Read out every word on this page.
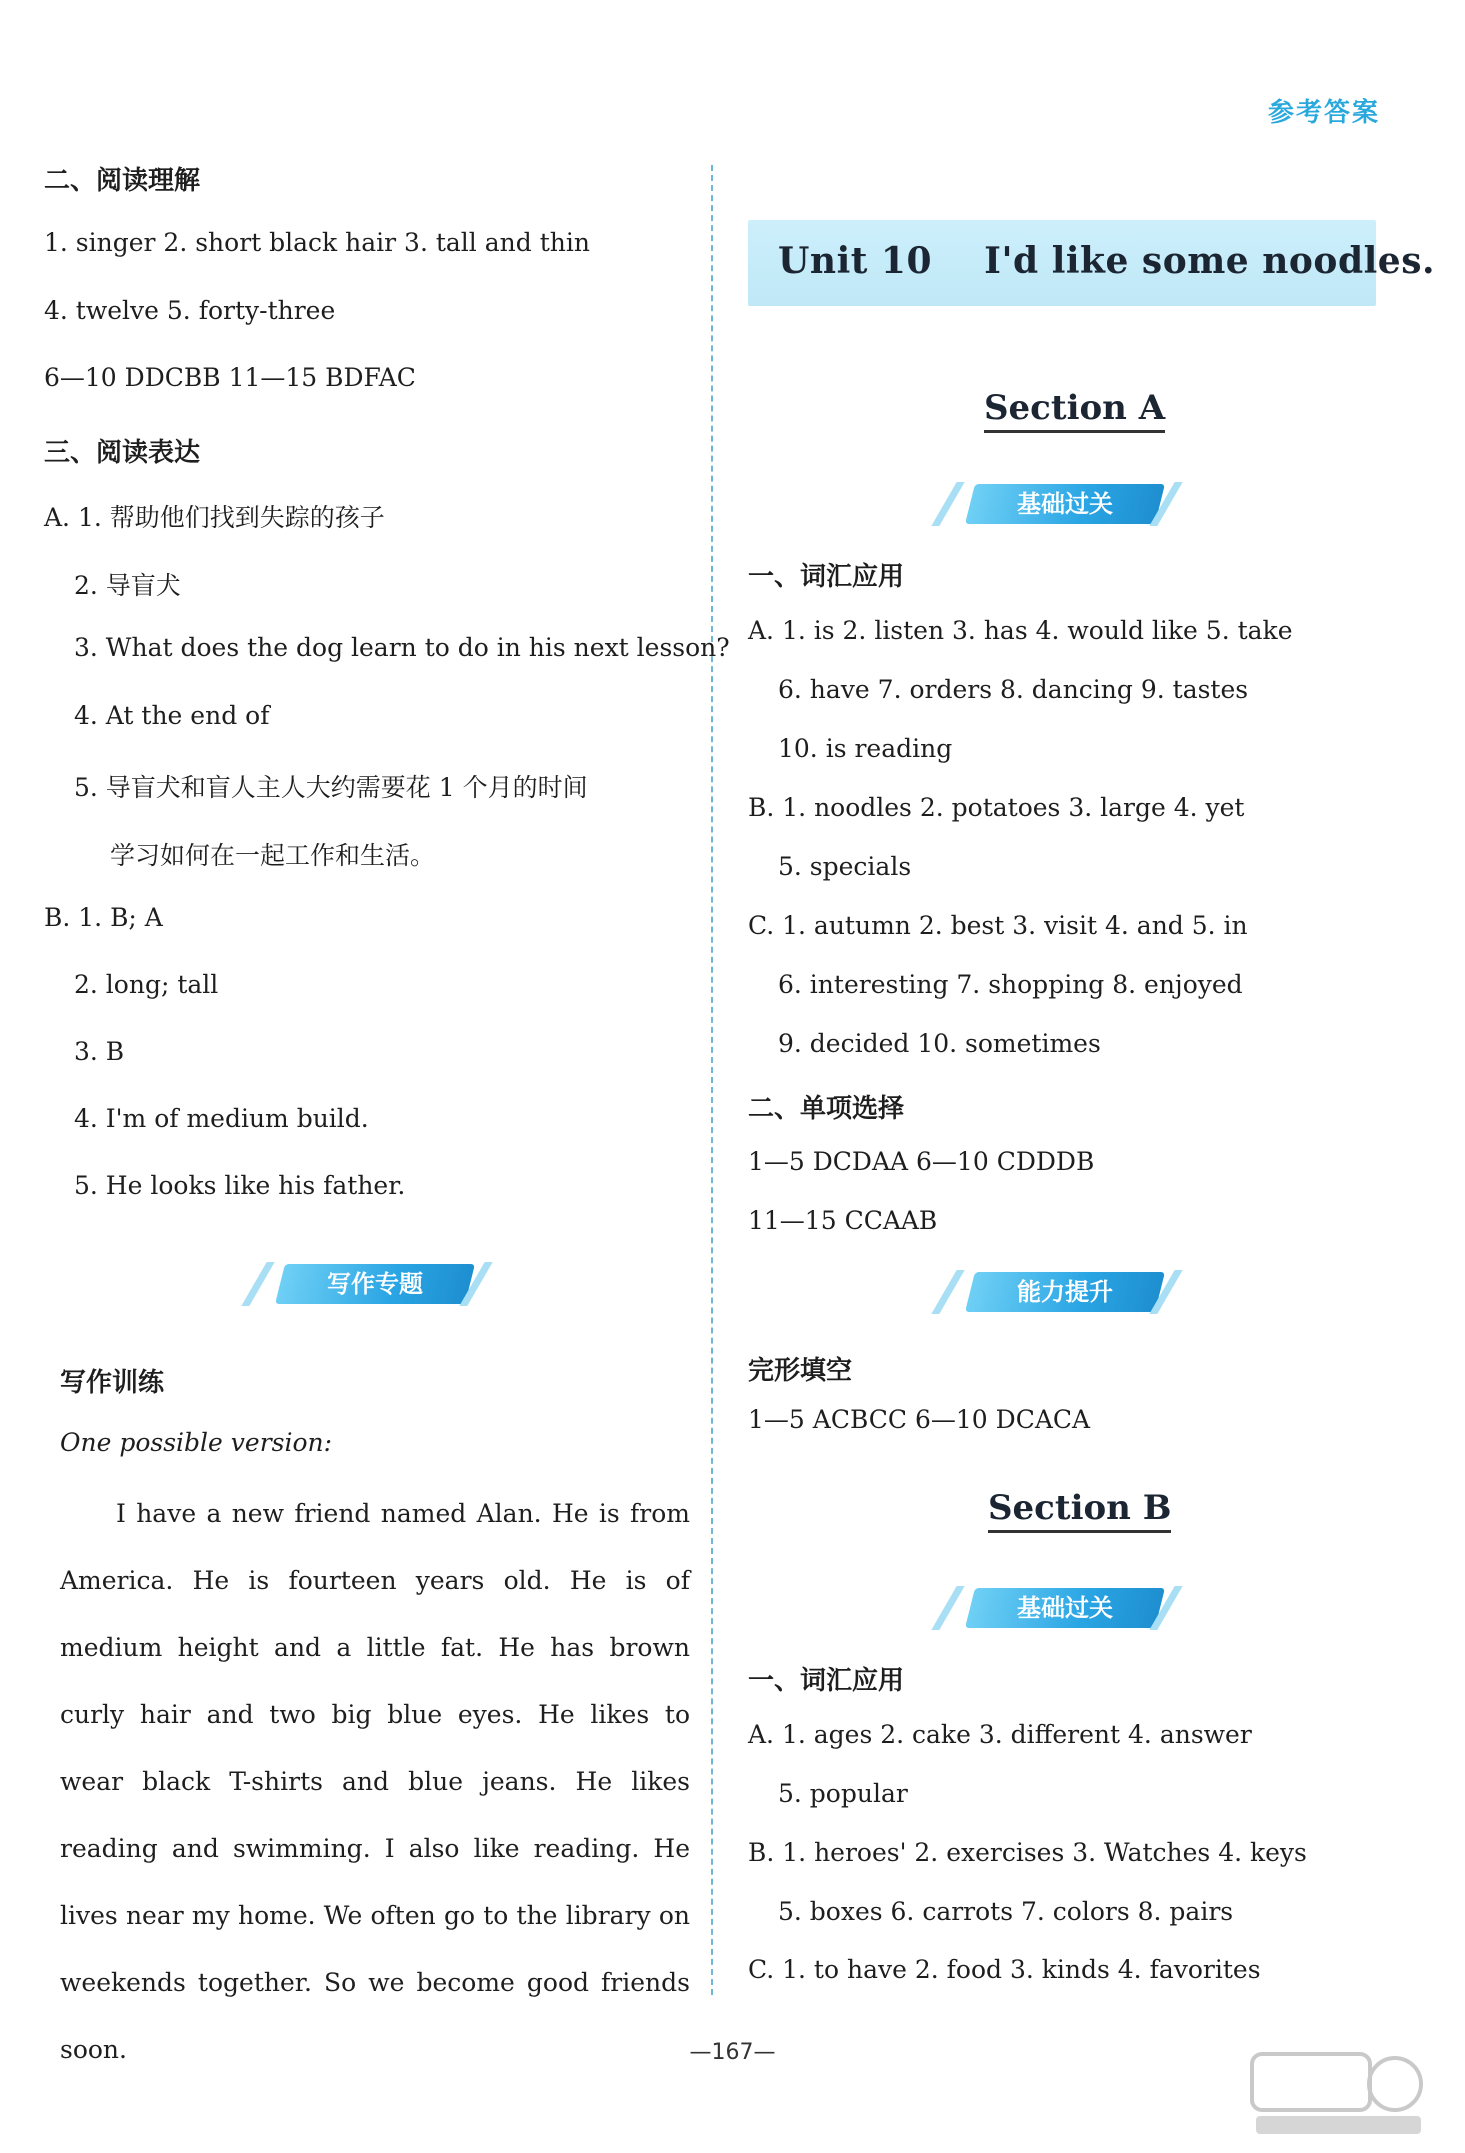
参考答案
二、阅读理解
1. singer 2. short black hair 3. tall and thin
4. twelve 5. forty-three
6—10 DDCBB 11—15 BDFAC
三、阅读表达
A. 1. 帮助他们找到失踪的孩子
2. 导盲犬
3. What does the dog learn to do in his next lesson?
4. At the end of
5. 导盲犬和盲人主人大约需要花 1 个月的时间
学习如何在一起工作和生活。
B. 1. B; A
2. long; tall
3. B
4. I'm of medium build.
5. He looks like his father.
写作专题
写作训练
One possible version:
I have a new friend named Alan. He is from America. He is fourteen years old. He is of medium height and a little fat. He has brown curly hair and two big blue eyes. He likes to wear black T-shirts and blue jeans. He likes reading and swimming. I also like reading. He lives near my home. We often go to the library on weekends together. So we become good friends soon.
Unit 10    I'd like some noodles.
Section A
基础过关
一、词汇应用
A. 1. is 2. listen 3. has 4. would like 5. take
6. have 7. orders 8. dancing 9. tastes
10. is reading
B. 1. noodles 2. potatoes 3. large 4. yet
5. specials
C. 1. autumn 2. best 3. visit 4. and 5. in
6. interesting 7. shopping 8. enjoyed
9. decided 10. sometimes
二、单项选择
1—5 DCDAA 6—10 CDDDB
11—15 CCAAB
能力提升
完形填空
1—5 ACBCC 6—10 DCACA
Section B
基础过关
一、词汇应用
A. 1. ages 2. cake 3. different 4. answer
5. popular
B. 1. heroes' 2. exercises 3. Watches 4. keys
5. boxes 6. carrots 7. colors 8. pairs
C. 1. to have 2. food 3. kinds 4. favorites
—167—
